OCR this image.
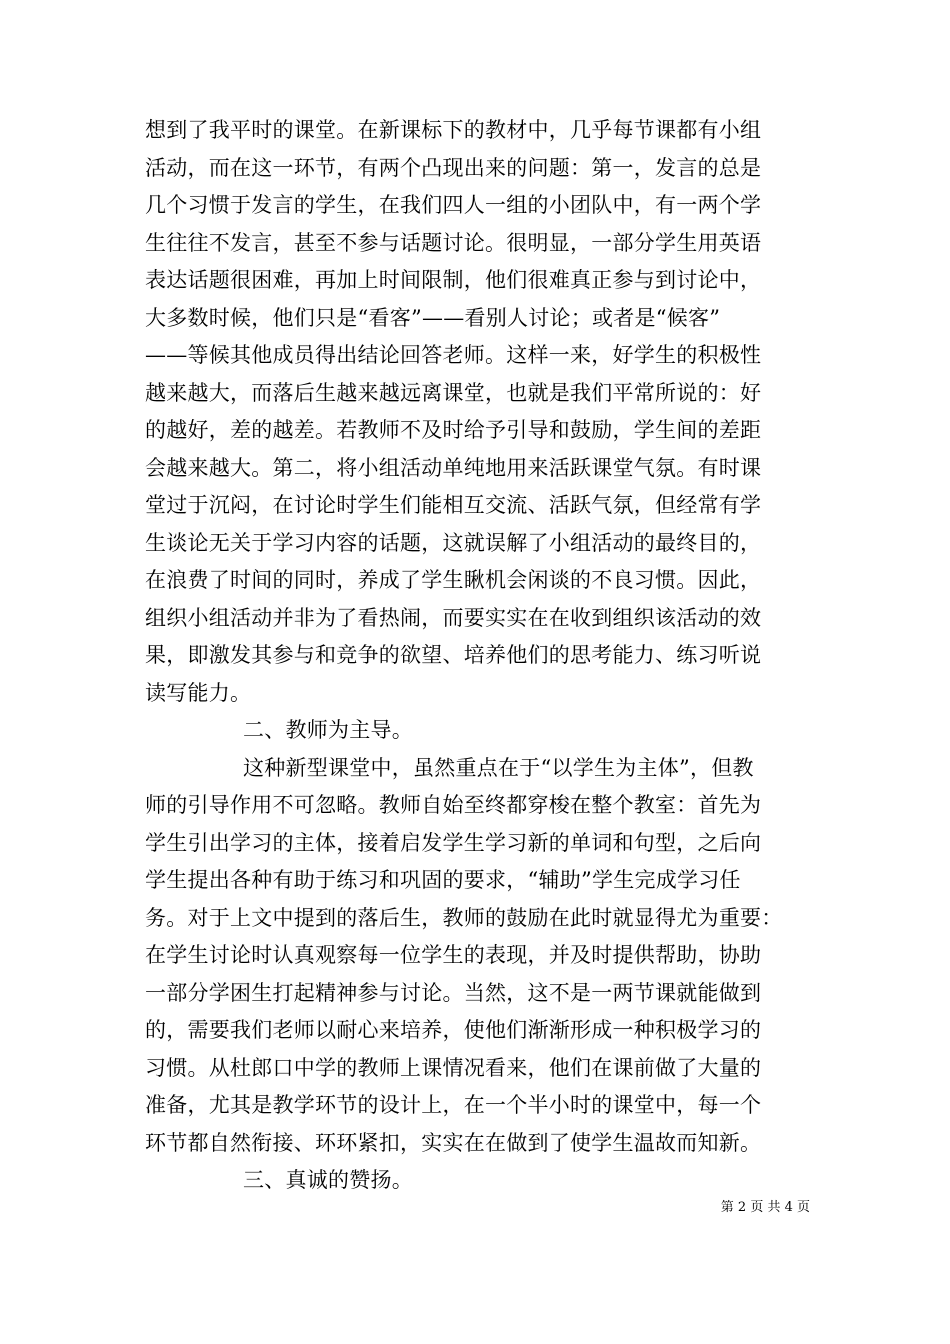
想到了我平时的课堂。在新课标下的教材中，几乎每节课都有小组
活动，而在这一环节，有两个凸现出来的问题：第一，发言的总是
几个习惯于发言的学生，在我们四人一组的小团队中，有一两个学
生往往不发言，甚至不参与话题讨论。很明显，一部分学生用英语
表达话题很困难，再加上时间限制，他们很难真正参与到讨论中，
大多数时候，他们只是“看客”——看别人讨论；或者是“候客”
——等候其他成员得出结论回答老师。这样一来，好学生的积极性
越来越大，而落后生越来越远离课堂，也就是我们平常所说的：好
的越好，差的越差。若教师不及时给予引导和鼓励，学生间的差距
会越来越大。第二，将小组活动单纯地用来活跃课堂气氛。有时课
堂过于沉闷，在讨论时学生们能相互交流、活跃气氛，但经常有学
生谈论无关于学习内容的话题，这就误解了小组活动的最终目的，
在浪费了时间的同时，养成了学生瞅机会闲谈的不良习惯。因此，
组织小组活动并非为了看热闹，而要实实在在收到组织该活动的效
果，即激发其参与和竞争的欲望、培养他们的思考能力、练习听说
读写能力。
二、教师为主导。
这种新型课堂中，虽然重点在于“以学生为主体”，但教
师的引导作用不可忽略。教师自始至终都穿梭在整个教室：首先为
学生引出学习的主体，接着启发学生学习新的单词和句型，之后向
学生提出各种有助于练习和巩固的要求，“辅助”学生完成学习任
务。对于上文中提到的落后生，教师的鼓励在此时就显得尤为重要：
在学生讨论时认真观察每一位学生的表现，并及时提供帮助，协助
一部分学困生打起精神参与讨论。当然，这不是一两节课就能做到
的，需要我们老师以耐心来培养，使他们渐渐形成一种积极学习的
习惯。从杜郎口中学的教师上课情况看来，他们在课前做了大量的
准备，尤其是教学环节的设计上，在一个半小时的课堂中，每一个
环节都自然衔接、环环紧扣，实实在在做到了使学生温故而知新。
三、真诚的赞扬。
第 2 页 共 4 页
